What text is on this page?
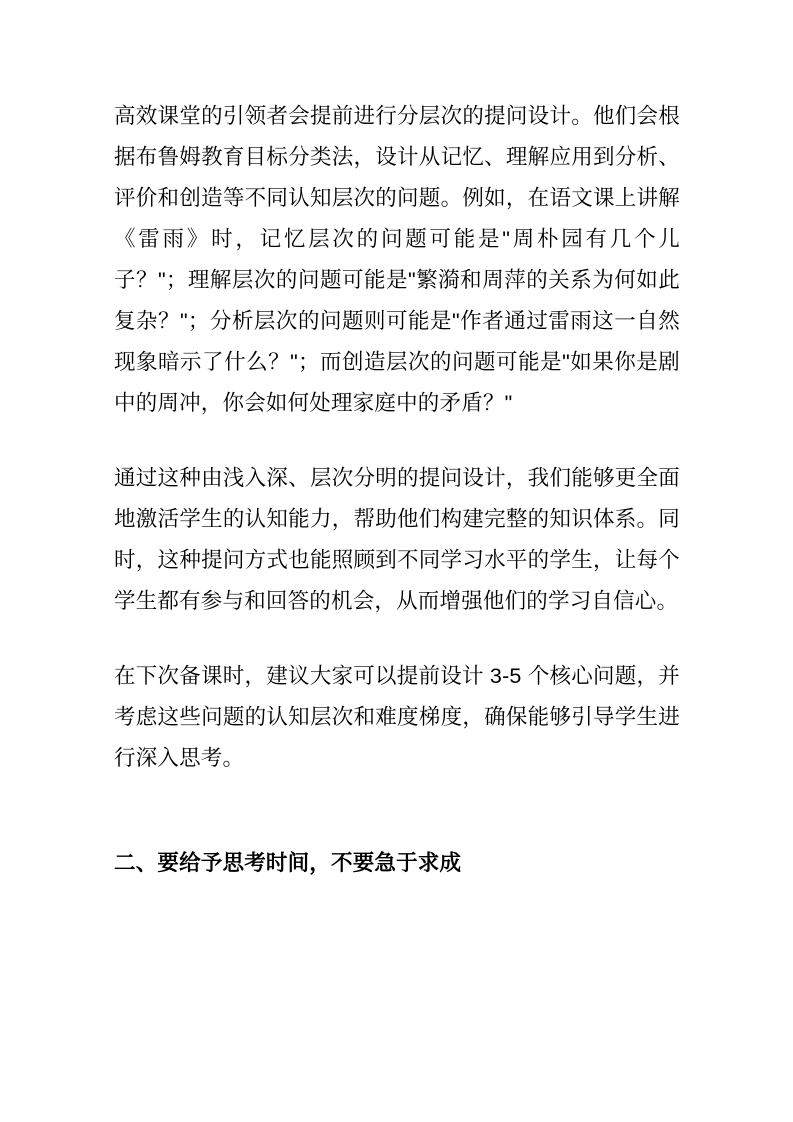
高效课堂的引领者会提前进行分层次的提问设计。他们会根据布鲁姆教育目标分类法，设计从记忆、理解应用到分析、评价和创造等不同认知层次的问题。例如，在语文课上讲解《雷雨》时，记忆层次的问题可能是"周朴园有几个儿子？"；理解层次的问题可能是"繁漪和周萍的关系为何如此复杂？"；分析层次的问题则可能是"作者通过雷雨这一自然现象暗示了什么？"；而创造层次的问题可能是"如果你是剧中的周冲，你会如何处理家庭中的矛盾？"

通过这种由浅入深、层次分明的提问设计，我们能够更全面地激活学生的认知能力，帮助他们构建完整的知识体系。同时，这种提问方式也能照顾到不同学习水平的学生，让每个学生都有参与和回答的机会，从而增强他们的学习自信心。

在下次备课时，建议大家可以提前设计 3-5 个核心问题，并考虑这些问题的认知层次和难度梯度，确保能够引导学生进行深入思考。

二、要给予思考时间，不要急于求成
